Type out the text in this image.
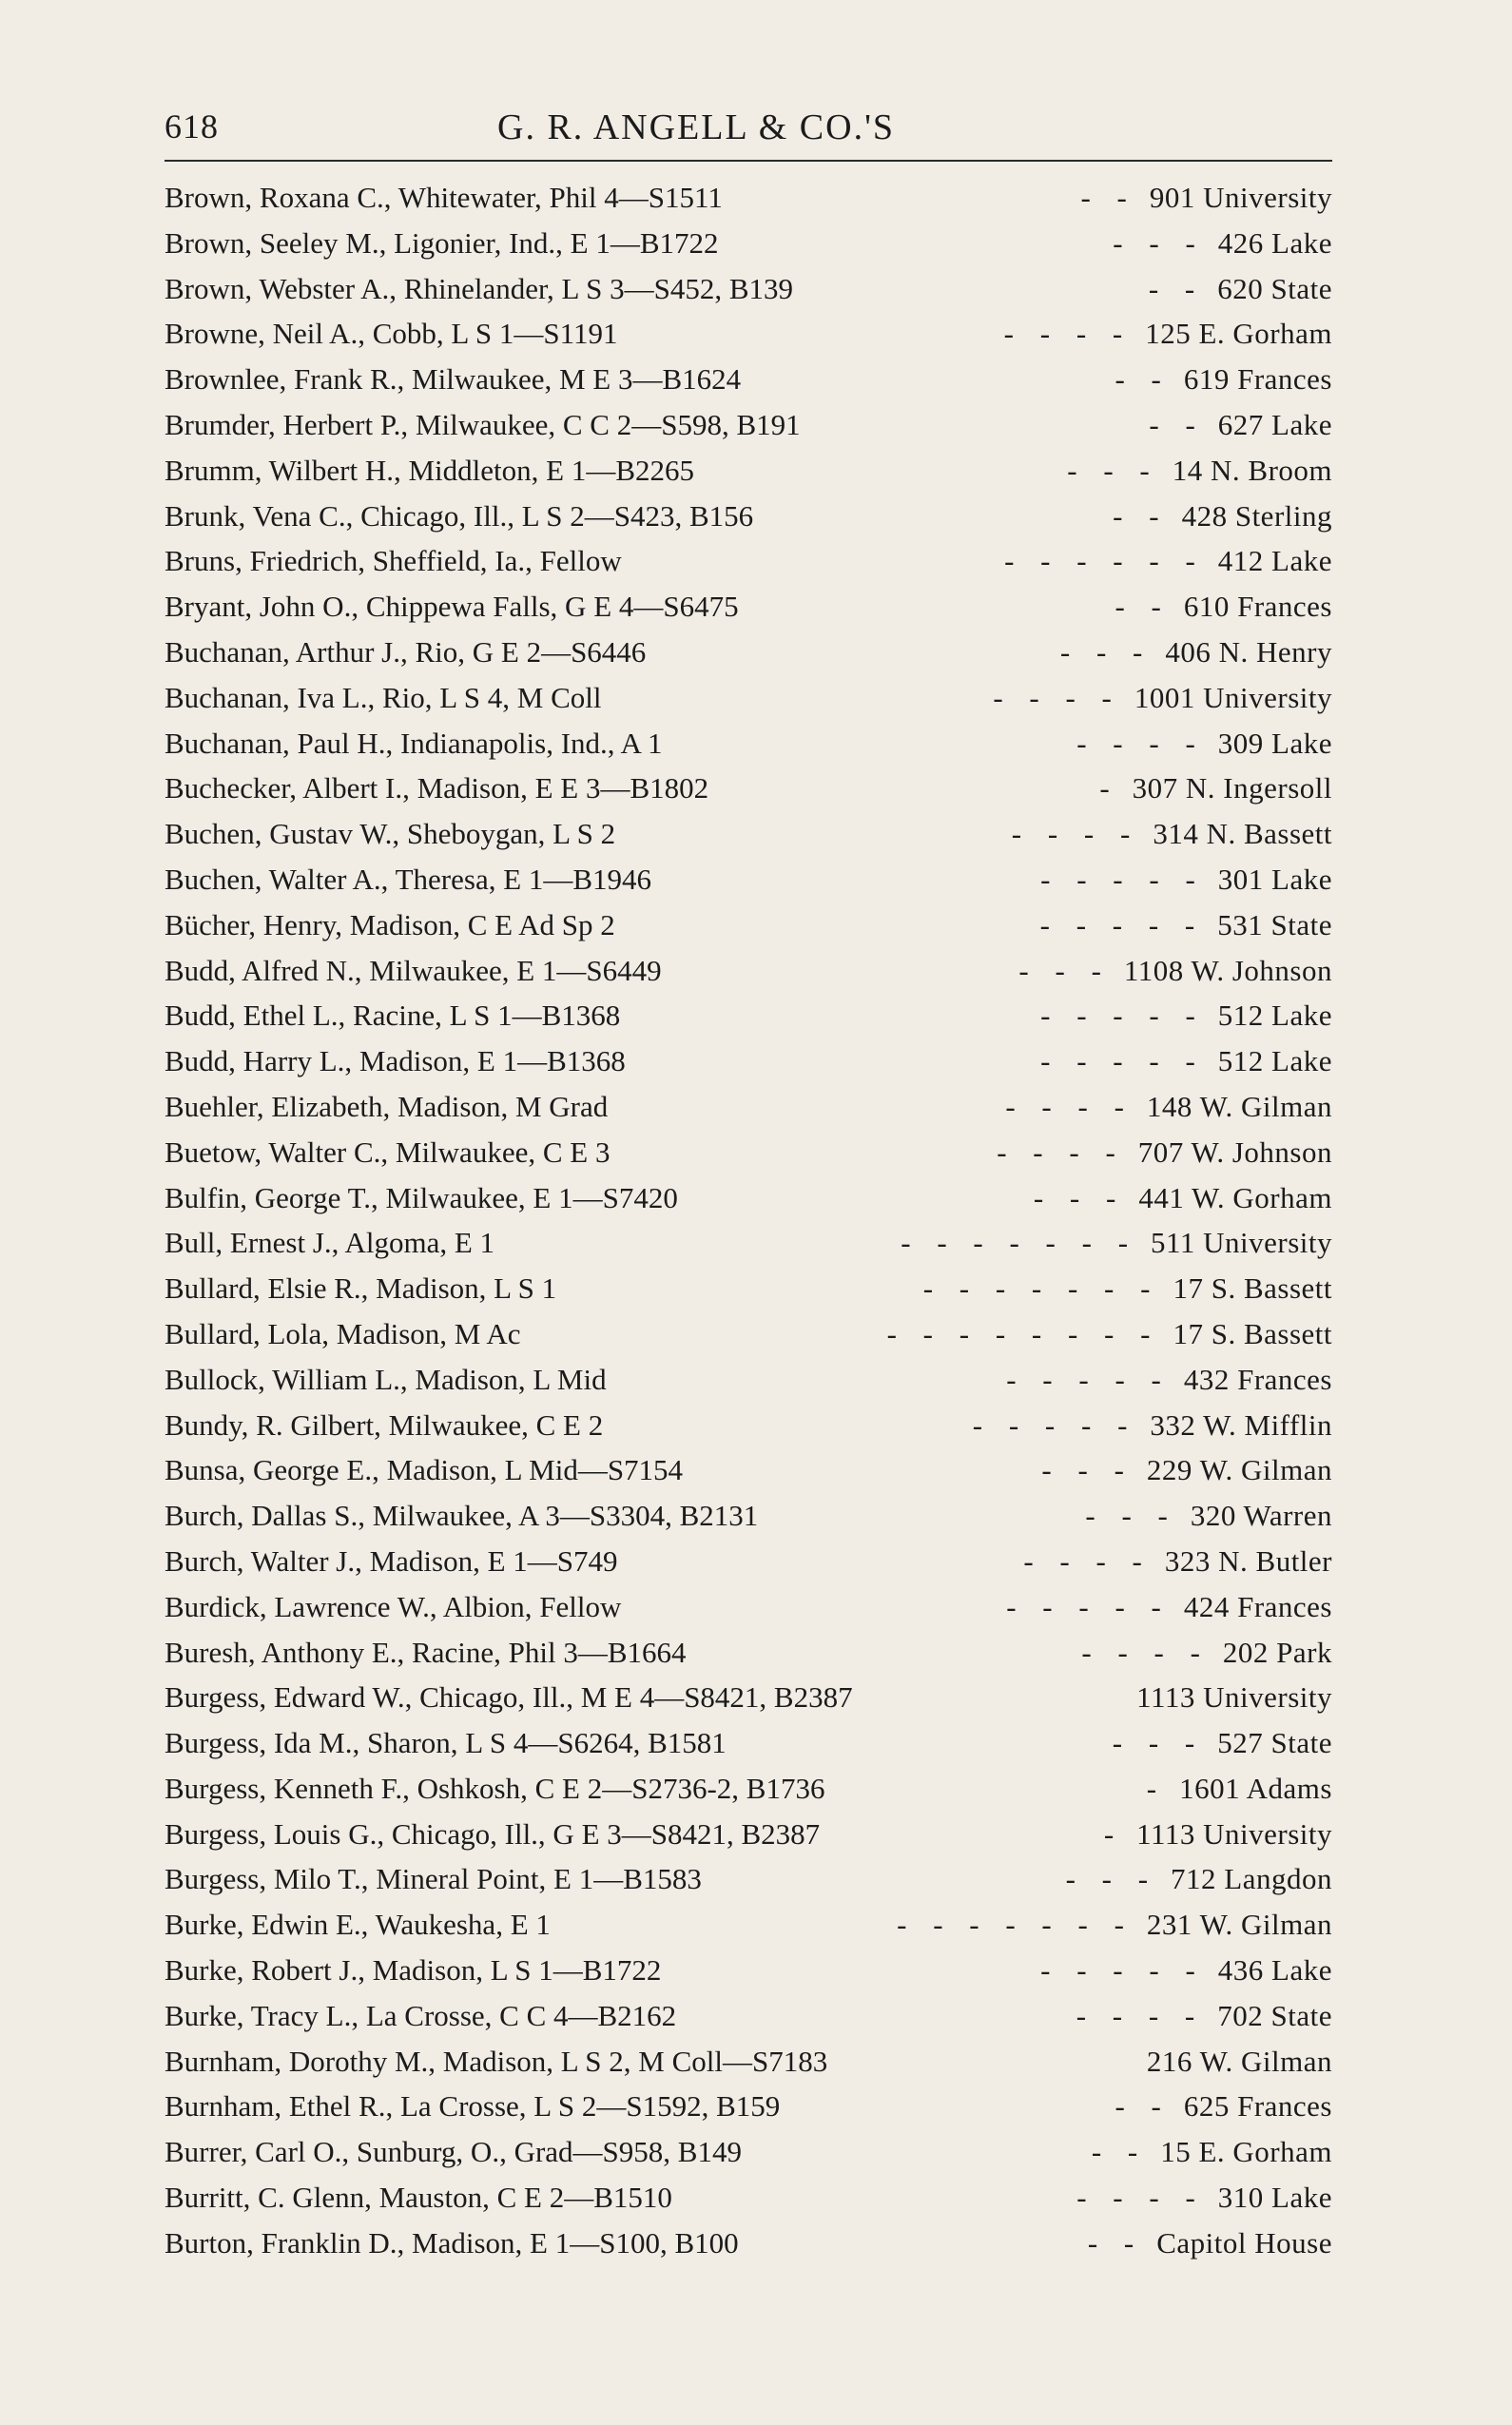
618	G. R. ANGELL & CO.'S
Brown, Roxana C., Whitewater, Phil 4—S1511	- - 901 University
Brown, Seeley M., Ligonier, Ind., E 1—B1722	- - - 426 Lake
Brown, Webster A., Rhinelander, L S 3—S452, B139	- - 620 State
Browne, Neil A., Cobb, L S 1—S1191	- - - - 125 E. Gorham
Brownlee, Frank R., Milwaukee, M E 3—B1624	- - 619 Frances
Brumder, Herbert P., Milwaukee, C C 2—S598, B191	- - 627 Lake
Brumm, Wilbert H., Middleton, E 1—B2265	- - - 14 N. Broom
Brunk, Vena C., Chicago, Ill., L S 2—S423, B156	- - 428 Sterling
Bruns, Friedrich, Sheffield, Ia., Fellow	- - - - - - 412 Lake
Bryant, John O., Chippewa Falls, G E 4—S6475	- - 610 Frances
Buchanan, Arthur J., Rio, G E 2—S6446	- - - 406 N. Henry
Buchanan, Iva L., Rio, L S 4, M Coll	- - - - 1001 University
Buchanan, Paul H., Indianapolis, Ind., A 1	- - - - 309 Lake
Buchecker, Albert I., Madison, E E 3—B1802	- 307 N. Ingersoll
Buchen, Gustav W., Sheboygan, L S 2	- - - - 314 N. Bassett
Buchen, Walter A., Theresa, E 1—B1946	- - - - - 301 Lake
Bücher, Henry, Madison, C E Ad Sp 2	- - - - - 531 State
Budd, Alfred N., Milwaukee, E 1—S6449	- - - 1108 W. Johnson
Budd, Ethel L., Racine, L S 1—B1368	- - - - - 512 Lake
Budd, Harry L., Madison, E 1—B1368	- - - - - 512 Lake
Buehler, Elizabeth, Madison, M Grad	- - - - 148 W. Gilman
Buetow, Walter C., Milwaukee, C E 3	- - - - 707 W. Johnson
Bulfin, George T., Milwaukee, E 1—S7420	- - - 441 W. Gorham
Bull, Ernest J., Algoma, E 1	- - - - - - - 511 University
Bullard, Elsie R., Madison, L S 1	- - - - - - - 17 S. Bassett
Bullard, Lola, Madison, M Ac	- - - - - - - - 17 S. Bassett
Bullock, William L., Madison, L Mid	- - - - - 432 Frances
Bundy, R. Gilbert, Milwaukee, C E 2	- - - - - 332 W. Mifflin
Bunsa, George E., Madison, L Mid—S7154	- - - 229 W. Gilman
Burch, Dallas S., Milwaukee, A 3—S3304, B2131	- - - 320 Warren
Burch, Walter J., Madison, E 1—S749	- - - - 323 N. Butler
Burdick, Lawrence W., Albion, Fellow	- - - - - 424 Frances
Buresh, Anthony E., Racine, Phil 3—B1664	- - - - 202 Park
Burgess, Edward W., Chicago, Ill., M E 4—S8421, B2387	1113 University
Burgess, Ida M., Sharon, L S 4—S6264, B1581	- - - 527 State
Burgess, Kenneth F., Oshkosh, C E 2—S2736-2, B1736	- 1601 Adams
Burgess, Louis G., Chicago, Ill., G E 3—S8421, B2387	- 1113 University
Burgess, Milo T., Mineral Point, E 1—B1583	- - - 712 Langdon
Burke, Edwin E., Waukesha, E 1	- - - - - - - 231 W. Gilman
Burke, Robert J., Madison, L S 1—B1722	- - - - - 436 Lake
Burke, Tracy L., La Crosse, C C 4—B2162	- - - - 702 State
Burnham, Dorothy M., Madison, L S 2, M Coll—S7183	216 W. Gilman
Burnham, Ethel R., La Crosse, L S 2—S1592, B159	- - 625 Frances
Burrer, Carl O., Sunburg, O., Grad—S958, B149	- - 15 E. Gorham
Burritt, C. Glenn, Mauston, C E 2—B1510	- - - - 310 Lake
Burton, Franklin D., Madison, E 1—S100, B100	- - Capitol House
